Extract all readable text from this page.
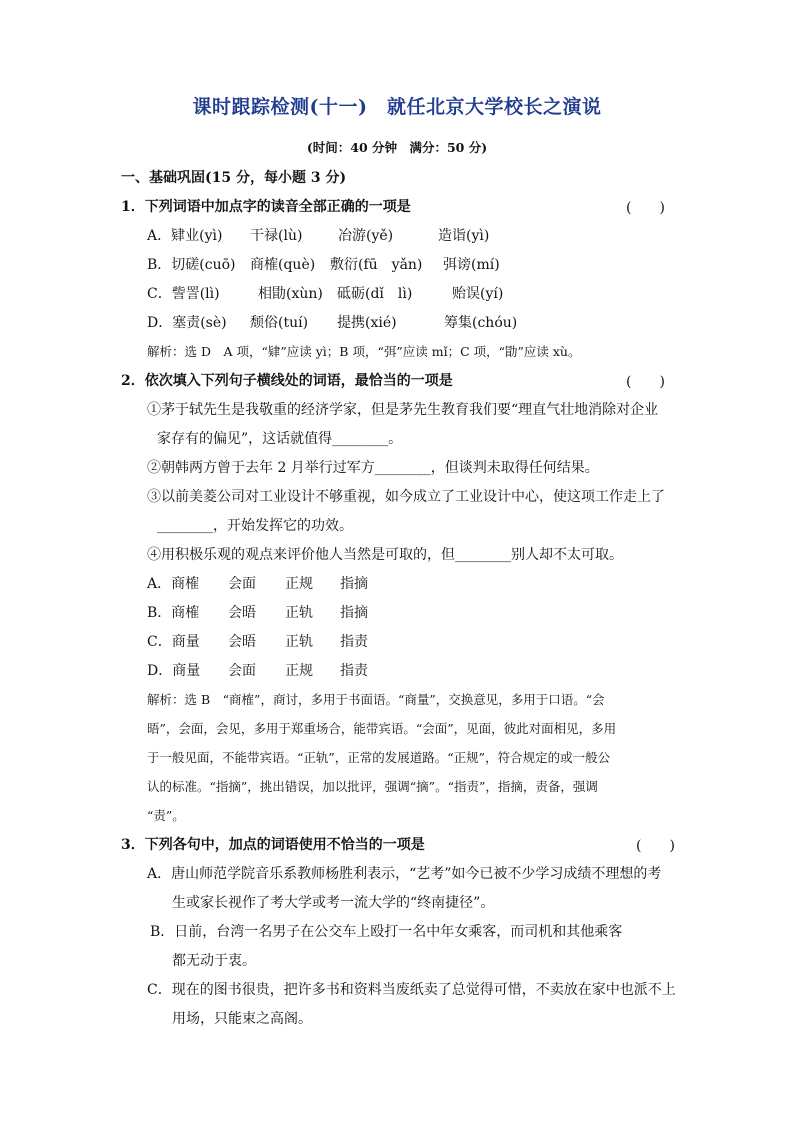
课时跟踪检测(十一)　就任北京大学校长之演说
(时间：40 分钟　满分：50 分)
一、基础巩固(15 分，每小题 3 分)
1．下列词语中加点字的读音全部正确的一项是	(　　)
A．肄业(yì) 干禄(lù)	冶游(yě)	造诣(yì)
B．切磋(cuō) 商榷(què) 敷衍(fū　yǎn) 弭谤(mí)
C．訾詈(lì)	相勖(xùn) 砥砺(dǐ　lì)	贻误(yí)
D．塞责(sè) 颓俗(tuí) 提携(xié)	筹集(chóu)
解析：选 D　A 项，“肄”应读 yì；B 项，“弭”应读 mǐ；C 项，“勖”应读 xù。
2．依次填入下列句子横线处的词语，最恰当的一项是	(　　)
①茅于轼先生是我敬重的经济学家，但是茅先生教育我们要“理直气壮地消除对企业
家存有的偏见”，这话就值得________。
②朝韩两方曾于去年 2 月举行过军方________，但谈判未取得任何结果。
③以前美菱公司对工业设计不够重视，如今成立了工业设计中心，使这项工作走上了
________，开始发挥它的功效。
④用积极乐观的观点来评价他人当然是可取的，但________别人却不太可取。
A．商榷 会面 正规 指摘
B．商榷 会晤 正轨 指摘
C．商量 会晤 正轨 指责
D．商量 会面 正规 指责
解析：选 B　“商榷”，商讨，多用于书面语。“商量”，交换意见，多用于口语。“会
晤”，会面，会见，多用于郑重场合，能带宾语。“会面”，见面，彼此对面相见，多用
于一般见面，不能带宾语。“正轨”，正常的发展道路。“正规”，符合规定的或一般公
认的标准。“指摘”，挑出错误，加以批评，强调“摘”。“指责”，指摘，责备，强调
“责”。
3．下列各句中，加点的词语使用不恰当的一项是	(　　)
A．唐山师范学院音乐系教师杨胜利表示，“艺考”如今已被不少学习成绩不理想的考
生或家长视作了考大学或考一流大学的“终南捷径”。
B．日前，台湾一名男子在公交车上殴打一名中年女乘客，而司机和其他乘客
都无动于衷。
C．现在的图书很贵，把许多书和资料当废纸卖了总觉得可惜，不卖放在家中也派不上
用场，只能束之高阁。
